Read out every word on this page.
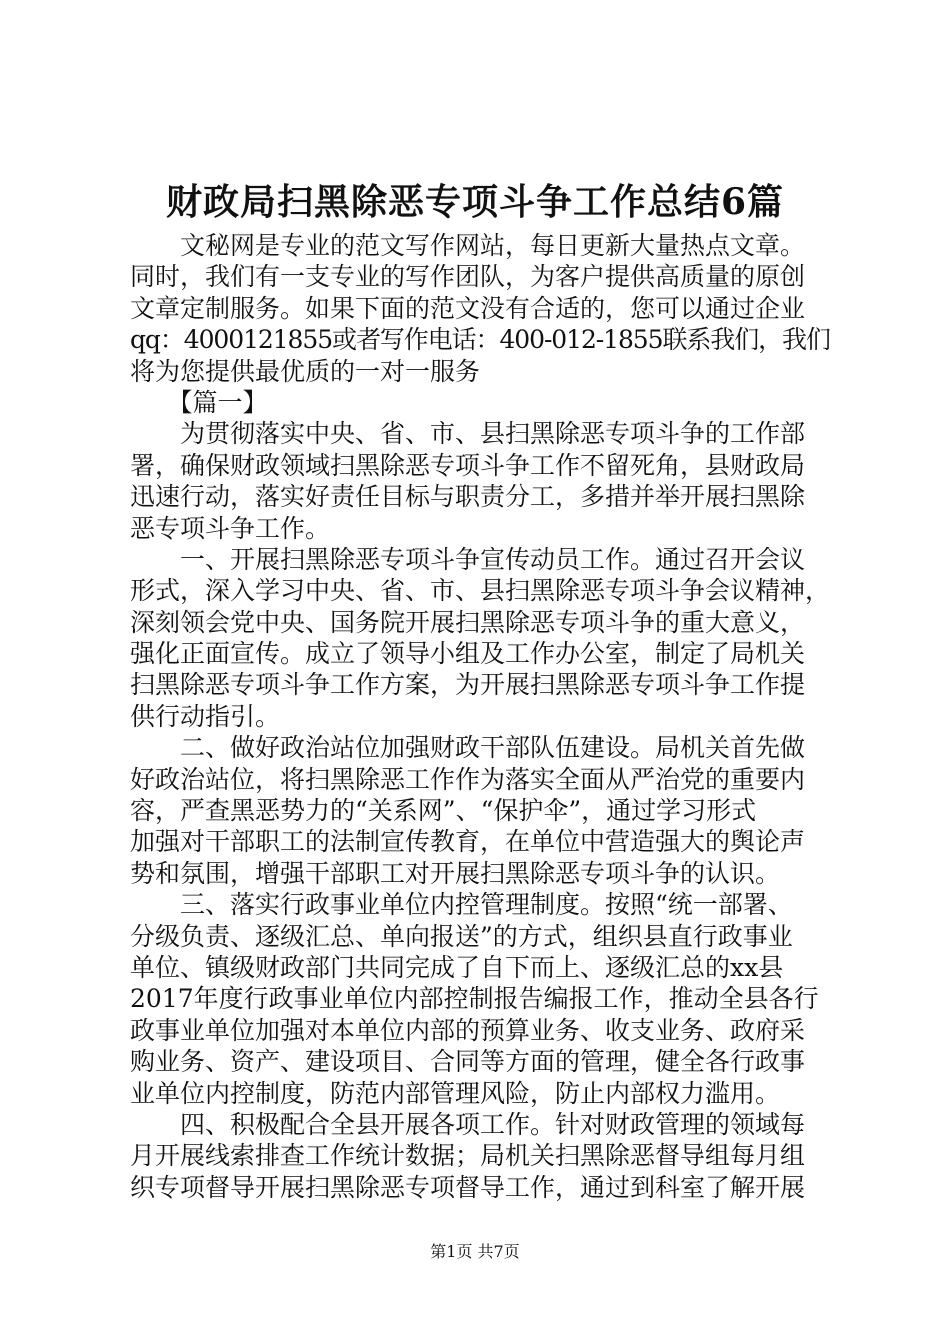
财政局扫黑除恶专项斗争工作总结6篇
　　文秘网是专业的范文写作网站，每日更新大量热点文章。
同时，我们有一支专业的写作团队，为客户提供高质量的原创
文章定制服务。如果下面的范文没有合适的，您可以通过企业
qq：4000121855或者写作电话：400-012-1855联系我们，我们
将为您提供最优质的一对一服务
　　【篇一】
　　为贯彻落实中央、省、市、县扫黑除恶专项斗争的工作部
署，确保财政领域扫黑除恶专项斗争工作不留死角，县财政局
迅速行动，落实好责任目标与职责分工，多措并举开展扫黑除
恶专项斗争工作。
　　一、开展扫黑除恶专项斗争宣传动员工作。通过召开会议
形式，深入学习中央、省、市、县扫黑除恶专项斗争会议精神，
深刻领会党中央、国务院开展扫黑除恶专项斗争的重大意义，
强化正面宣传。成立了领导小组及工作办公室，制定了局机关
扫黑除恶专项斗争工作方案，为开展扫黑除恶专项斗争工作提
供行动指引。
　　二、做好政治站位加强财政干部队伍建设。局机关首先做
好政治站位，将扫黑除恶工作作为落实全面从严治党的重要内
容，严查黑恶势力的“关系网”、“保护伞”，通过学习形式
加强对干部职工的法制宣传教育，在单位中营造强大的舆论声
势和氛围，增强干部职工对开展扫黑除恶专项斗争的认识。
　　三、落实行政事业单位内控管理制度。按照“统一部署、
分级负责、逐级汇总、单向报送”的方式，组织县直行政事业
单位、镇级财政部门共同完成了自下而上、逐级汇总的xx县
2017年度行政事业单位内部控制报告编报工作，推动全县各行
政事业单位加强对本单位内部的预算业务、收支业务、政府采
购业务、资产、建设项目、合同等方面的管理，健全各行政事
业单位内控制度，防范内部管理风险，防止内部权力滥用。
　　四、积极配合全县开展各项工作。针对财政管理的领域每
月开展线索排查工作统计数据；局机关扫黑除恶督导组每月组
织专项督导开展扫黑除恶专项督导工作，通过到科室了解开展
第1页 共7页
